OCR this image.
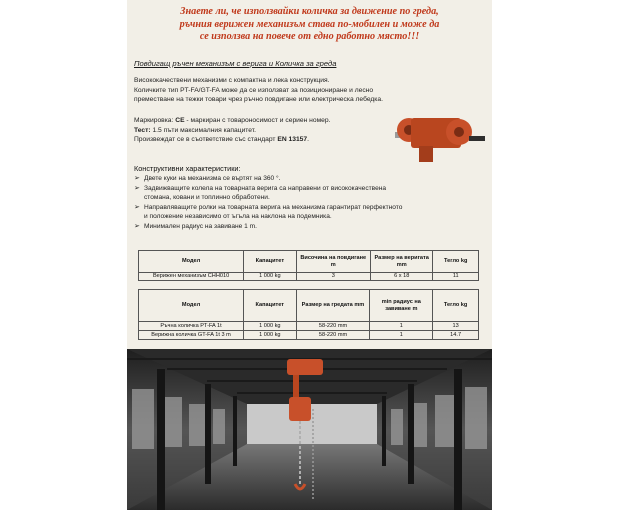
Знаете ли, че използвайки количка за движение по греда,
ръчния верижен механизъм става по-мобилен и може да
се използва на повече от едно работно място!!!
Повдигащ ръчен механизъм с верига и Количка за греда
Висококачествени механизми с компактна и лека конструкция.
Количките тип PT-FA/GT-FA може да се използват за позициониране и лесно
преместване на тежки товари чрез ръчно повдигане или електрическа лебедка.
Маркировка: CE - маркиран с товароносимост и сериен номер.
Тест: 1.5 пъти максималния капацитет.
Произвеждат се в съответствие със стандарт EN 13157.
Конструктивни характеристики:
➢ Двете куки на механизма се въртят на 360 °.
➢ Задвижващите колела на товарната верига са направени от висококачествена
стомана, ковани и топлинно обработени.
➢ Направляващите ролки на товарната верига на механизма гарантират перфектното
и положение независимо от ъгъла на наклона на подемника.
➢ Минимален радиус на завиване 1 m.
Модел	Капацитет	Височина на повдигане m	Размер на веригата mm	Тегло kg
Верижен механизъм CHH010	1 000 kg	3	6 x 18	11
Модел	Капацитет	Размер на гредата mm	min радиус на завиване m	Тегло kg
Ръчна количка PT-FA 1t	1 000 kg	58-220 mm	1	13
Верижна количка GT-FA 1t 3 m	1 000 kg	58-220 mm	1	14.7
